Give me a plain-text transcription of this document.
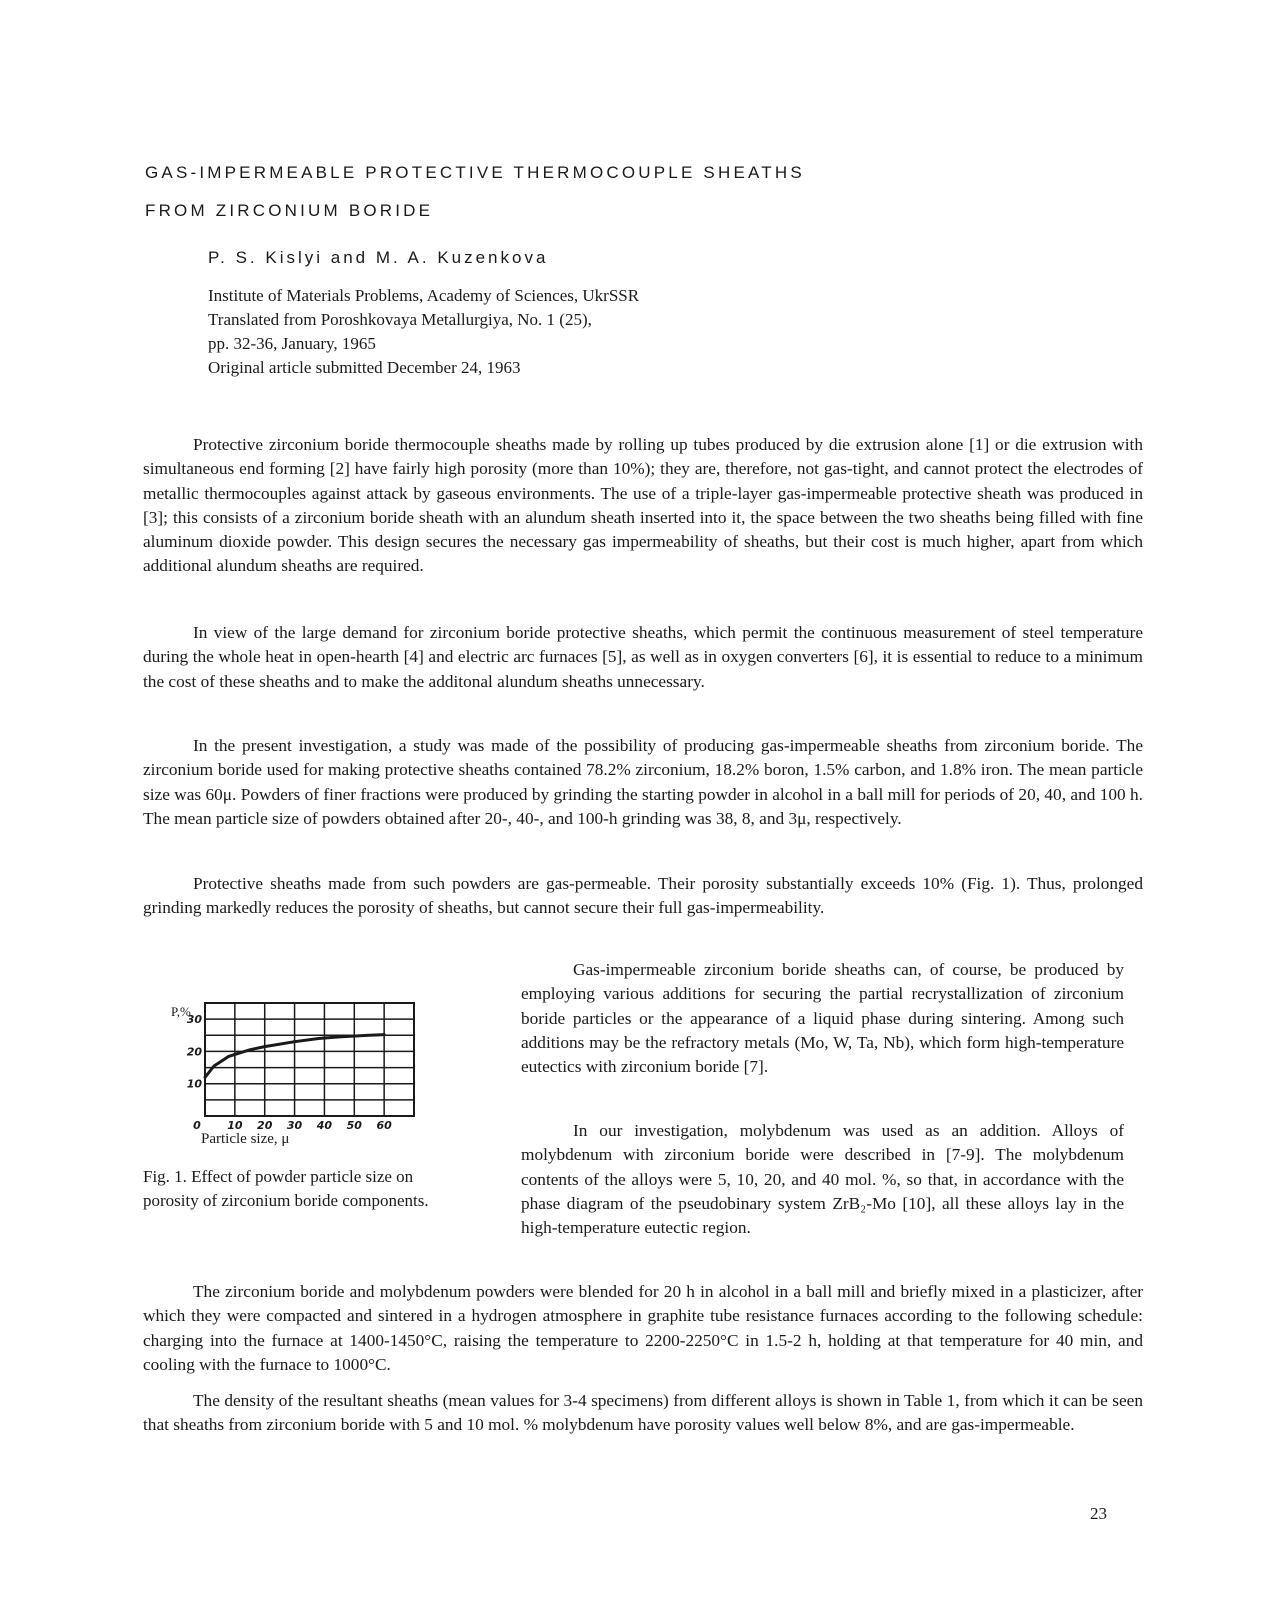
GAS-IMPERMEABLE PROTECTIVE THERMOCOUPLE SHEATHS
FROM ZIRCONIUM BORIDE

P. S. Kislyi and M. A. Kuzenkova

Institute of Materials Problems, Academy of Sciences, UkrSSR
Translated from Poroshkovaya Metallurgiya, No. 1 (25),
pp. 32-36, January, 1965
Original article submitted December 24, 1963

Protective zirconium boride thermocouple sheaths made by rolling up tubes produced by die extrusion alone [1] or die extrusion with simultaneous end forming [2] have fairly high porosity (more than 10%); they are, therefore, not gas-tight, and cannot protect the electrodes of metallic thermocouples against attack by gaseous environments. The use of a triple-layer gas-impermeable protective sheath was produced in [3]; this consists of a zirconium boride sheath with an alundum sheath inserted into it, the space between the two sheaths being filled with fine aluminum dioxide powder. This design secures the necessary gas impermeability of sheaths, but their cost is much higher, apart from which additional alundum sheaths are required.

In view of the large demand for zirconium boride protective sheaths, which permit the continuous measurement of steel temperature during the whole heat in open-hearth [4] and electric arc furnaces [5], as well as in oxygen converters [6], it is essential to reduce to a minimum the cost of these sheaths and to make the additonal alundum sheaths unnecessary.

In the present investigation, a study was made of the possibility of producing gas-impermeable sheaths from zirconium boride. The zirconium boride used for making protective sheaths contained 78.2% zirconium, 18.2% boron, 1.5% carbon, and 1.8% iron. The mean particle size was 60μ. Powders of finer fractions were produced by grinding the starting powder in alcohol in a ball mill for periods of 20, 40, and 100 h. The mean particle size of powders obtained after 20-, 40-, and 100-h grinding was 38, 8, and 3μ, respectively.

Protective sheaths made from such powders are gas-permeable. Their porosity substantially exceeds 10% (Fig. 1). Thus, prolonged grinding markedly reduces the porosity of sheaths, but cannot secure their full gas-impermeability.

10
20
30
0 10 20 30 40 50 60
P,%
Particle size, μ

Fig. 1. Effect of powder particle size on porosity of zirconium boride components.

Gas-impermeable zirconium boride sheaths can, of course, be produced by employing various additions for securing the partial recrystallization of zirconium boride particles or the appearance of a liquid phase during sintering. Among such additions may be the refractory metals (Mo, W, Ta, Nb), which form high-temperature eutectics with zirconium boride [7].

In our investigation, molybdenum was used as an addition. Alloys of molybdenum with zirconium boride were described in [7-9]. The molybdenum contents of the alloys were 5, 10, 20, and 40 mol. %, so that, in accordance with the phase diagram of the pseudobinary system ZrB₂-Mo [10], all these alloys lay in the high-temperature eutectic region.

The zirconium boride and molybdenum powders were blended for 20 h in alcohol in a ball mill and briefly mixed in a plasticizer, after which they were compacted and sintered in a hydrogen atmosphere in graphite tube resistance furnaces according to the following schedule: charging into the furnace at 1400-1450°C, raising the temperature to 2200-2250°C in 1.5-2 h, holding at that temperature for 40 min, and cooling with the furnace to 1000°C.

The density of the resultant sheaths (mean values for 3-4 specimens) from different alloys is shown in Table 1, from which it can be seen that sheaths from zirconium boride with 5 and 10 mol. % molybdenum have porosity values well below 8%, and are gas-impermeable.

23
